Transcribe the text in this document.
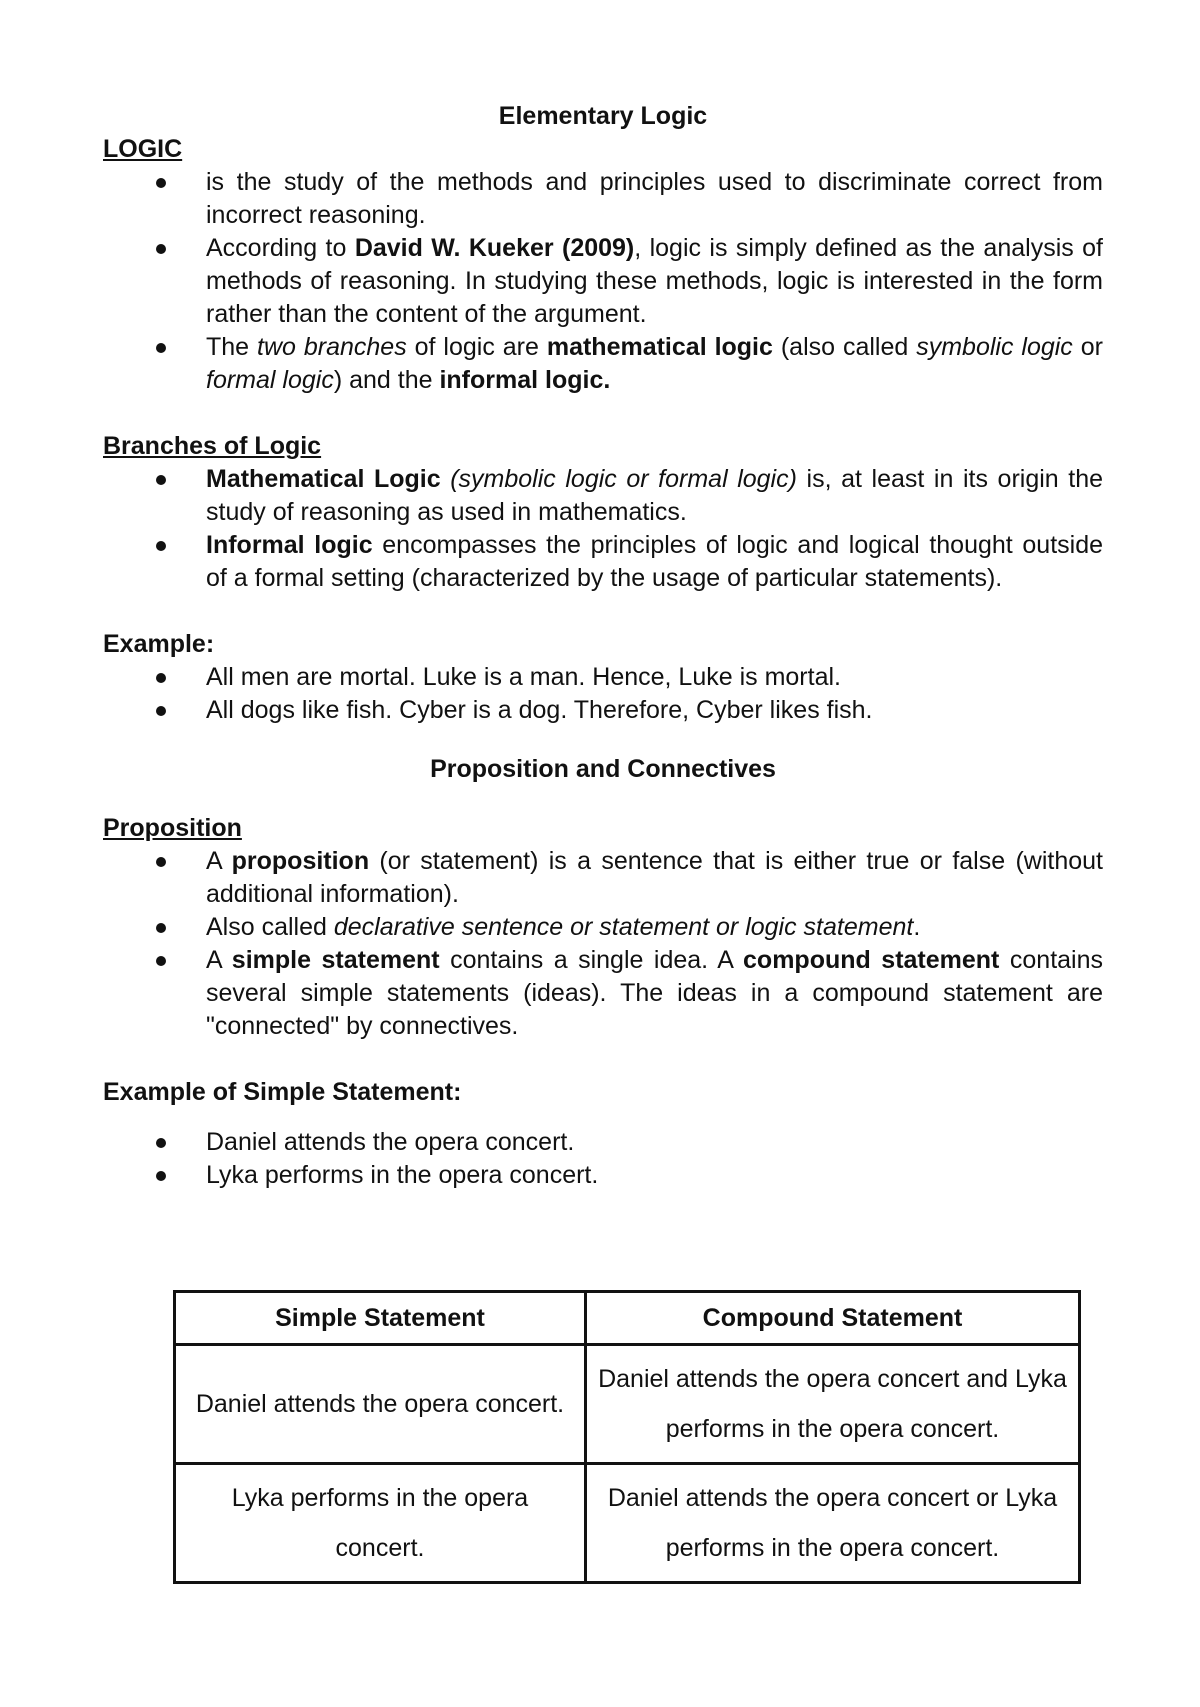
Elementary Logic

LOGIC

is the study of the methods and principles used to discriminate correct from incorrect reasoning.
According to David W. Kueker (2009), logic is simply defined as the analysis of methods of reasoning. In studying these methods, logic is interested in the form rather than the content of the argument.
The two branches of logic are mathematical logic (also called symbolic logic or formal logic) and the informal logic.

Branches of Logic

Mathematical Logic (symbolic logic or formal logic) is, at least in its origin the study of reasoning as used in mathematics.
Informal logic encompasses the principles of logic and logical thought outside of a formal setting (characterized by the usage of particular statements).

Example:

All men are mortal. Luke is a man. Hence, Luke is mortal.
All dogs like fish. Cyber is a dog. Therefore, Cyber likes fish.

Proposition and Connectives

Proposition

A proposition (or statement) is a sentence that is either true or false (without additional information).
Also called declarative sentence or statement or logic statement.
A simple statement contains a single idea. A compound statement contains several simple statements (ideas). The ideas in a compound statement are "connected" by connectives.

Example of Simple Statement:

Daniel attends the opera concert.
Lyka performs in the opera concert.
Simple Statement	Compound Statement
Daniel attends the opera concert.	Daniel attends the opera concert and Lyka performs in the opera concert.
Lyka performs in the opera concert.	Daniel attends the opera concert or Lyka performs in the opera concert.
